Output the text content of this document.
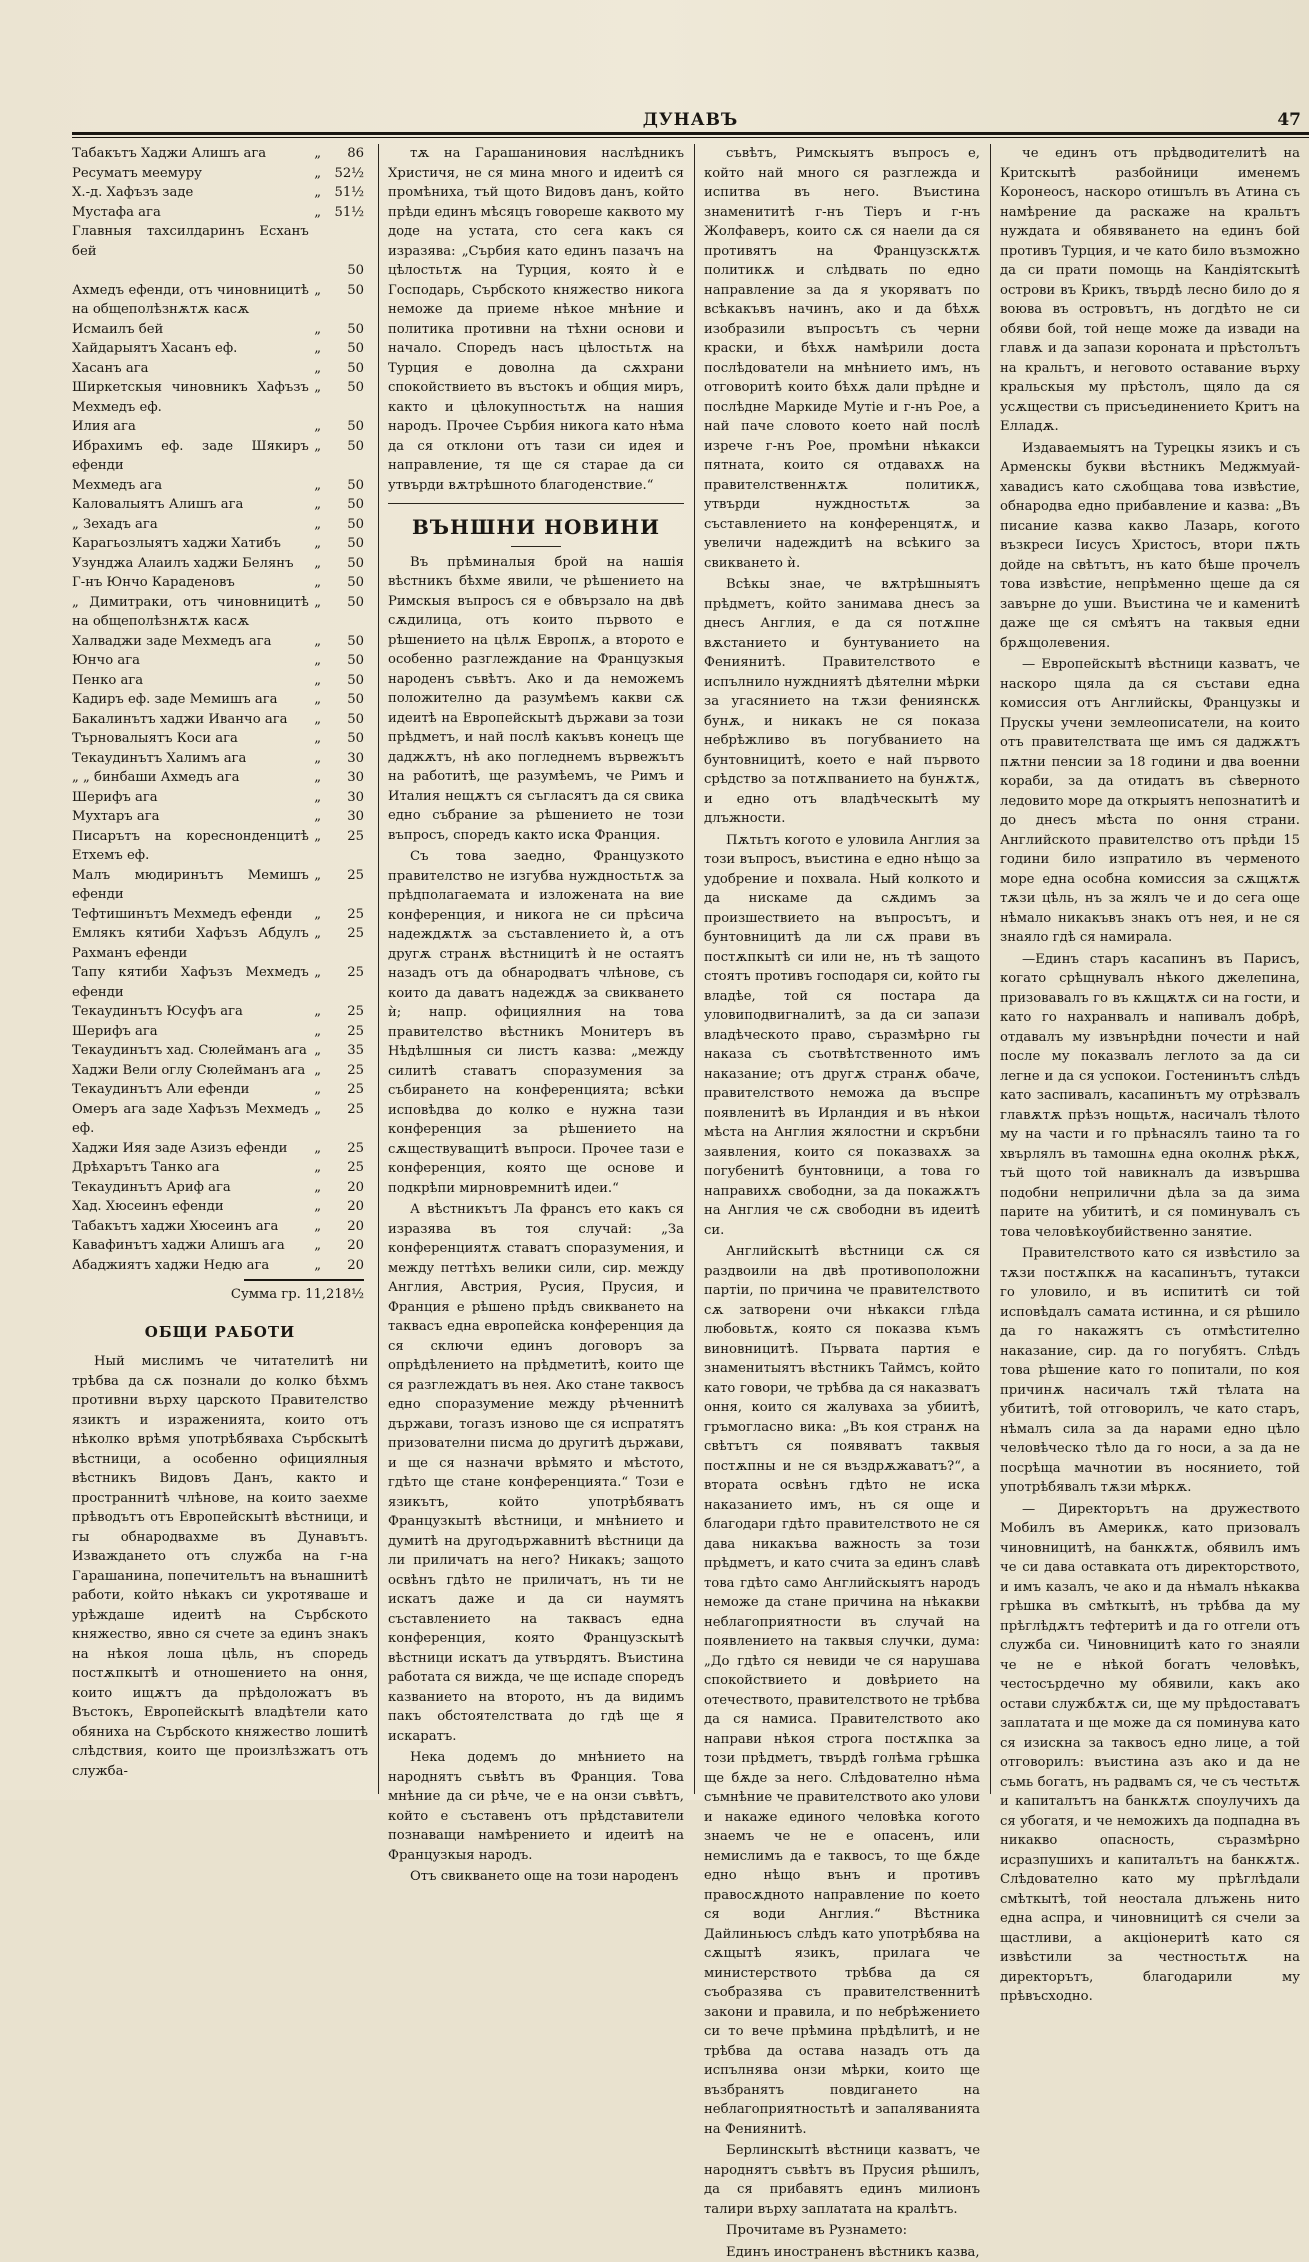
ДУНАВЪ	47
Табакътъ Хаджи Алишъ ага	„	86
Ресуматъ меемуру	„	52½
Х.-д. Хафъзъ заде	„	51½
Мустафа ага	„	51½
Главныя тахсилдаринъ Есханъ бей		
		50
Ахмедъ ефенди, отъ чиновницитѣ на общеполѣзнѫтѫ касѫ	„	50
Исмаилъ бей	„	50
Хайдарыятъ Хасанъ еф.	„	50
Хасанъ ага	„	50
Шиpкетскыя чиновникъ Хафъзъ Мехмедъ еф.	„	50
Илия ага	„	50
Ибрахимъ еф. заде Шякиръ ефенди	„	50
Мехмедъ ага	„	50
Каловалыятъ Алишъ ага	„	50
„ Зехадъ ага	„	50
Карагьозлыятъ хаджи Хатибъ	„	50
Узунджа Алаилъ хаджи Белянъ	„	50
Г-нъ Юнчо Караденовъ	„	50
„ Димитраки, отъ чиновницитѣ на общеполѣзнѫтѫ касѫ	„	50
Халваджи заде Мехмедъ ага	„	50
Юнчо ага	„	50
Пенко ага	„	50
Кадиръ еф. заде Мемишъ ага	„	50
Бакалинътъ хаджи Иванчо ага	„	50
Търновалыятъ Коси ага	„	50
Текаудинътъ Халимъ ага	„	30
„ „ бинбаши Ахмедъ ага	„	30
Шерифъ ага	„	30
Мухтаръ ага	„	30
Писарътъ на кореснонденцитѣ Етхемъ еф.	„	25
Малъ мюдиринътъ Мемишъ ефенди	„	25
Тефтишинътъ Мехмедъ ефенди	„	25
Емлякъ кятиби Хафъзъ Абдулъ Рахманъ ефенди	„	25
Тапу кятиби Хафъзъ Мехмедъ ефенди	„	25
Текаудинътъ Юсуфъ ага	„	25
Шерифъ ага	„	25
Текаудинътъ хад. Сюлейманъ ага	„	35
Хаджи Вели оглу Сюлейманъ ага	„	25
Текаудинътъ Али ефенди	„	25
Омеръ ага заде Хафъзъ Мехмедъ еф.	„	25
Хаджи Ияя заде Азизъ ефенди	„	25
Дрѣхарътъ Танко ага	„	25
Текаудинътъ Ариф ага	„	20
Хад. Хюсеинъ ефенди	„	20
Табакътъ хаджи Хюсеинъ ага	„	20
Кавафинътъ хаджи Алишъ ага	„	20
Абаджиятъ хаджи Недю ага	„	20
Сумма гр. 11,218½
ОБЩИ РАБОТИ

Ный мислимъ че читателитѣ ни трѣбва да сѫ познали до колко бѣхмъ противни върху царското Правителство язиктъ и израженията, които отъ нѣколко врѣмя употрѣбяваха Сърбскытѣ вѣстници, а особенно официялныя вѣстникъ Видовъ Данъ, както и пространнитѣ члѣнове, на които заехме прѣводътъ отъ Европейскытѣ вѣстници, и гы обнародвахме въ Дунавътъ. Изваждането отъ служба на г-на Гарашанина, попечительтъ на вънашнитѣ работи, който нѣкакъ си укротяваше и урѣждаше идеитѣ на Сърбското княжество, явно ся счете за единъ знакъ на нѣкоя лоша цѣль, нъ споредь постѫпкытѣ и отношението на оння, които ищѫтъ да прѣдоложатъ въ Въстокъ, Европейскытѣ владѣтели като обяниха на Сърбското княжество лошитѣ слѣдствия, които ще произлѣзжатъ отъ служба-

тѫ на Гарашаниновия наслѣдникъ Христичя, не ся мина много и идеитѣ ся промѣниха, тъй щото Видовъ данъ, който прѣди единъ мѣсяцъ говореше каквото му доде на устата, сто сега какъ ся изразява: „Сърбия като единъ пазачъ на цѣлостьтѫ на Турция, която ѝ е Господарь, Сърбското княжество никога неможе да приеме нѣкое мнѣние и политика противни на тѣхни основи и начало. Споредъ насъ цѣлостьтѫ на Турция е доволна да сѫхрани спокойствието въ въстокъ и общия миръ, както и цѣлокупностьтѫ на нашия народъ. Прочее Сърбия никога като нѣма да ся отклони отъ тази си идея и направление, тя ще ся старае да си утвърди вѫтрѣшното благоденствие.“

ВЪНШНИ НОВИНИ

Въ прѣминалыя брой на нашія вѣстникъ бѣхме явили, че рѣшението на Римскыя въпросъ ся е обвързало на двѣ сѫдилица, отъ които първото е рѣшението на цѣлѫ Европѫ, а второто е особенно разглеждание на Французкыя народенъ съвѣтъ. Ако и да неможемъ положително да разумѣемъ какви сѫ идеитѣ на Европейскытѣ държави за този прѣдметъ, и най послѣ какъвъ конецъ ще даджѫтъ, нѣ ако погледнемъ вървежътъ на работитѣ, ще разумѣемъ, че Римъ и Италия нещѫтъ ся съгласятъ да ся свика едно събрание за рѣшението не този въпросъ, споредъ както иска Франция.

Съ това заедно, Французкото правителство не изгубва нуждностьтѫ за прѣдполагаемата и изложената на вие конференция, и никога не си прѣсича надеждѫтѫ за съставлението ѝ, а отъ другѫ странѫ вѣстницитѣ ѝ не остаятъ назадъ отъ да обнародватъ члѣнове, съ които да даватъ надеждѫ за свикването ѝ; напр. официялния на това правителство вѣстникъ Монитеръ въ Нѣдѣлшныя си листъ казва: „между силитѣ ставатъ споразумения за събирането на конференцията; всѣки исповѣдва до колко е нужна тази конференция за рѣшението на сѫществуващитѣ въпроси. Прочее тази е конференция, която ще основе и подкрѣпи мирновремнитѣ идеи.“

А вѣстникътъ Ла франсъ ето какъ ся изразява въ тоя случай: „За конференциятѫ ставатъ споразумения, и между петтѣхъ велики сили, сир. между Англия, Австрия, Русия, Прусия, и Франция е рѣшено прѣдъ свикването на таквасъ една европейска конференция да ся сключи единъ договоръ за опрѣдѣлението на прѣдметитѣ, които ще ся разглеждатъ въ нея. Ако стане таквосъ едно споразумение между рѣченнитѣ държави, тогазъ изново ще ся испратятъ призователни писма до другитѣ държави, и ще ся назначи врѣмято и мѣстото, гдѣто ще стане конференцията.“ Този е язикътъ, който употрѣбяватъ Французкытѣ вѣстници, и мнѣнието и думитѣ на другодържавнитѣ вѣстници да ли приличатъ на него? Никакъ; защото освѣнъ гдѣто не приличатъ, нъ ти не искатъ даже и да си наумятъ съставлението на таквасъ една конференция, която Французскытѣ вѣстници искатъ да утвърдятъ. Въистина работата ся вижда, че ще испаде споредъ казванието на второто, нъ да видимъ пакъ обстоятелствата до гдѣ ще я искаратъ.

Нека додемъ до мнѣнието на народнятъ съвѣтъ въ Франция. Това мнѣние да си рѣче, че е на онзи съвѣтъ, който е съставенъ отъ прѣдставители познаващи намѣрението и идеитѣ на Французкыя народъ.

Отъ свикването още на този народенъ

съвѣтъ, Римскыятъ въпросъ е, който най много ся разглежда и испитва въ него. Въистина знаменититѣ г-нъ Тіеръ и г-нъ Жолфаверъ, които сѫ ся наели да ся противятъ на Французскѫтѫ политикѫ и слѣдвать по едно направление за да я укоряватъ по всѣкакъвъ начинъ, ако и да бѣхѫ изобразили въпросътъ съ черни краски, и бѣхѫ намѣрили доста послѣдователи на мнѣнието имъ, нъ отговоритѣ които бѣхѫ дали прѣдне и послѣдне Маркиде Мутіе и г-нъ Рое, а най паче словото което най послѣ изрече г-нъ Рое, промѣни нѣкакси пятната, които ся отдавахѫ на правителственнѫтѫ политикѫ, утвърди нуждностьтѫ за съставлението на конференцятѫ, и увеличи надеждитѣ на всѣкиго за свикването ѝ.

Всѣкы знае, че вѫтрѣшныятъ прѣдметъ, който занимава днесъ за днесъ Англия, е да ся потѫпне вѫстанието и бунтуванието на Фениянитѣ. Правителството е испълнило нуждниятѣ дѣятелни мѣрки за угасянието на тѫзи фениянскѫ бунѫ, и никакъ не ся показа небрѣжливо въ погубванието на бунтовницитѣ, което е най първото срѣдство за потѫпванието на бунѫтѫ, и едно отъ владѣческытѣ му длъжности.

Пѫтьтъ когото е уловила Англия за този въпросъ, въистина е едно нѣщо за удобрение и похвала. Ный колкото и да нискаме да сѫдимъ за произшествието на въпросътъ, и бунтовницитѣ да ли сѫ прави въ постѫпкытѣ си или не, нъ тѣ защото стоятъ противъ господаря си, който гы владѣе, той ся постара да уловиподвигналитѣ, за да си запази владѣческото право, съразмѣрно гы наказа съ съотвѣтственното имъ наказание; отъ другѫ странѫ обаче, правителството неможа да въспре появленитѣ въ Ирландия и въ нѣкои мѣста на Англия жялостни и скръбни заявления, които ся показвахѫ за погубенитѣ бунтовници, а това го направихѫ свободни, за да покажѫтъ на Англия че сѫ свободни въ идеитѣ си.

Английскытѣ вѣстници сѫ ся раздвоили на двѣ противоположни партіи, по причина че правителството сѫ затворени очи нѣкакси глѣда любовьтѫ, която ся показва къмъ виновницитѣ. Първата партия е знаменитыятъ вѣстникъ Таймсъ, който като говори, че трѣбва да ся наказватъ оння, които ся жалуваха за убиитѣ, гръмогласно вика: „Въ коя странѫ на свѣтътъ ся появяватъ таквыя постѫпны и не ся въздрѫжаватъ?“, а втората освѣнъ гдѣто не иска наказанието имъ, нъ ся още и благодари гдѣто правителството не ся дава никакъва важность за този прѣдметъ, и като счита за единъ славѣ това гдѣто само Английскыятъ народъ неможе да стане причина на нѣкакви неблагоприятности въ случай на появлението на таквыя случки, дума: „До гдѣто ся невиди че ся нарушава спокойствието и довѣрието на отечеството, правителството не трѣбва да ся намиса. Правителството ако направи нѣкоя строга постѫпка за този прѣдметъ, твърдѣ голѣма грѣшка ще бѫде за него. Слѣдователно нѣма съмнѣние че правителството ако улови и накаже единого человѣка когото знаемъ че не е опасенъ, или немислимъ да е таквосъ, то ще бѫде едно нѣщо вънъ и противъ правосѫдното направление по което ся води Англия.“ Вѣстника Дайлиньюсъ слѣдъ като употрѣбява на сѫщытѣ язикъ, прилага че министерството трѣбва да ся съобразява съ правителственнитѣ закони и правила, и по небрѣжението си то вече прѣмина прѣдѣлитѣ, и не трѣбва да остава назадъ отъ да испълнява онзи мѣрки, които ще възбранятъ повдигането на неблагоприятностьтѣ и запаляванията на Фениянитѣ.

Берлинскытѣ вѣстници казватъ, че народнятъ съвѣтъ въ Прусия рѣшилъ, да ся прибавятъ единъ милионъ талири върху заплатата на кралѣтъ.

Прочитаме въ Рузнамето:

Единъ иностраненъ вѣстникъ казва,

че единъ отъ прѣдводителитѣ на Критскытѣ разбойници именемъ Коронеосъ, наскоро отишълъ въ Атина съ намѣрение да раскаже на кральтъ нуждата и обявяването на единъ бой противъ Турция, и че като било възможно да си прати помощь на Кандіятскытѣ острови въ Крикъ, твърдѣ лесно било до я воюва въ островътъ, нъ догдѣто не си обяви бой, той неще може да извади на главѫ и да запази короната и прѣстолътъ на кральтъ, и неговото оставание върху кральскыя му прѣстолъ, щяло да ся усѫществи съ присъединението Критъ на Елладѫ.

Издаваемыятъ на Турецкы язикъ и съ Арменскы букви вѣстникъ Меджмуай-хавадисъ като сѫобщава това извѣстие, обнародва едно прибавление и казва: „Въ писание казва какво Лазарь, когото възкреси Іисусъ Христосъ, втори пѫть дойде на свѣтътъ, нъ като бѣше прочелъ това извѣстие, непрѣменно щеше да ся завърне до уши. Въистина че и каменитѣ даже ще ся смѣятъ на таквыя едни брѫщолевения.

— Европейскытѣ вѣстници казватъ, че наскоро щяла да ся състави една комиссия отъ Английскы, Французкы и Прускы учени землеописатели, на които отъ правителствата ще имъ ся даджѫтъ пѫтни пенсии за 18 години и два военни кораби, за да отидатъ въ сѣверното ледовито море да открыятъ непознатитѣ и до днесъ мѣста по оння страни. Английското правителство отъ прѣди 15 години било изпратило въ черменото море една особна комиссия за сѫщѫтѫ тѫзи цѣль, нъ за жялъ че и до сега още нѣмало никакъвъ знакъ отъ нея, и не ся знаяло гдѣ ся намирала.

—Единъ старъ касапинъ въ Парисъ, когато срѣщнувалъ нѣкого джелепина, призовавалъ го въ кѫщѫтѫ си на гости, и като го нахранвалъ и напивалъ добрѣ, отдавалъ му извънрѣдни почести и най после му показвалъ леглото за да си легне и да ся успокои. Гостенинътъ слѣдъ като заспивалъ, касапинътъ му отрѣзвалъ главѫтѫ прѣзъ нощьтѫ, насичалъ тѣлото му на части и го прѣнасялъ таино та го хвърлялъ въ тамошнѧ една околнѫ рѣкѫ, тъй щото той навикналъ да извършва подобни неприлични дѣла за да зима парите на убититѣ, и ся поминувалъ съ това человѣкоубийственно занятие.

Правителството като ся извѣстило за тѫзи постѫпкѫ на касапинътъ, тутакси го уловило, и въ испититѣ си той исповѣдалъ самата истинна, и ся рѣшило да го накажятъ съ отмѣстително наказание, сир. да го погубятъ. Слѣдъ това рѣшение като го попитали, по коя причинѫ насичалъ тѫй тѣлата на убититѣ, той отговорилъ, че като старъ, нѣмалъ сила за да нарами едно цѣло человѣческо тѣло да го носи, а за да не посрѣща мачнотии въ носянието, той употрѣбявалъ тѫзи мѣркѫ.

— Директорътъ на дружеството Мобилъ въ Америкѫ, като призовалъ чиновницитѣ, на банкѫтѫ, обявилъ имъ че си дава оставката отъ директорството, и имъ казалъ, че ако и да нѣмалъ нѣкаква грѣшка въ смѣткытѣ, нъ трѣбва да му прѣглѣдѫтъ тефтеритѣ и да го отгели отъ служба си. Чиновницитѣ като го знаяли че не е нѣкой богатъ человѣкъ, честосърдечно му обявили, какъ ако остави службѫтѫ си, ще му прѣдоставатъ заплатата и ще може да ся поминува като ся изискна за таквосъ едно лице, а той отговорилъ: въистина азъ ако и да не съмь богатъ, нъ радвамъ ся, че съ честьтѫ и капиталътъ на банкѫтѫ споулучихъ да ся убогатя, и че неможихъ да подпадна въ никакво опасность, съразмѣрно исразпушихъ и капиталътъ на банкѫтѫ. Слѣдователно като му прѣглѣдали смѣткытѣ, той неостала длъжень нито една аспра, и чиновницитѣ ся счели за щастливи, а акціонеритѣ като ся извѣстили за честностьтѫ на директорътъ, благодарили му прѣвъсходно.
